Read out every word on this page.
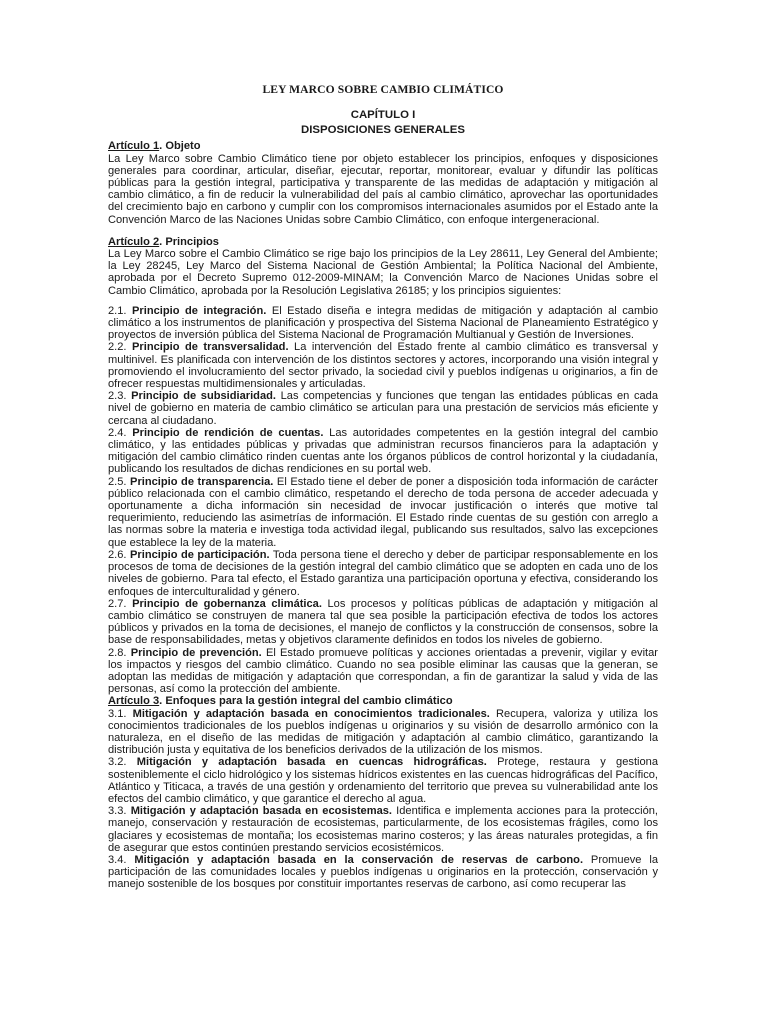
LEY MARCO SOBRE CAMBIO CLIMÁTICO
CAPÍTULO I
DISPOSICIONES GENERALES
Artículo 1. Objeto
La Ley Marco sobre Cambio Climático tiene por objeto establecer los principios, enfoques y disposiciones generales para coordinar, articular, diseñar, ejecutar, reportar, monitorear, evaluar y difundir las políticas públicas para la gestión integral, participativa y transparente de las medidas de adaptación y mitigación al cambio climático, a fin de reducir la vulnerabilidad del país al cambio climático, aprovechar las oportunidades del crecimiento bajo en carbono y cumplir con los compromisos internacionales asumidos por el Estado ante la Convención Marco de las Naciones Unidas sobre Cambio Climático, con enfoque intergeneracional.
Artículo 2. Principios
La Ley Marco sobre el Cambio Climático se rige bajo los principios de la Ley 28611, Ley General del Ambiente; la Ley 28245, Ley Marco del Sistema Nacional de Gestión Ambiental; la Política Nacional del Ambiente, aprobada por el Decreto Supremo 012-2009-MINAM; la Convención Marco de Naciones Unidas sobre el Cambio Climático, aprobada por la Resolución Legislativa 26185; y los principios siguientes:
2.1. Principio de integración. El Estado diseña e integra medidas de mitigación y adaptación al cambio climático a los instrumentos de planificación y prospectiva del Sistema Nacional de Planeamiento Estratégico y proyectos de inversión pública del Sistema Nacional de Programación Multianual y Gestión de Inversiones.
2.2. Principio de transversalidad. La intervención del Estado frente al cambio climático es transversal y multinivel. Es planificada con intervención de los distintos sectores y actores, incorporando una visión integral y promoviendo el involucramiento del sector privado, la sociedad civil y pueblos indígenas u originarios, a fin de ofrecer respuestas multidimensionales y articuladas.
2.3. Principio de subsidiaridad. Las competencias y funciones que tengan las entidades públicas en cada nivel de gobierno en materia de cambio climático se articulan para una prestación de servicios más eficiente y cercana al ciudadano.
2.4. Principio de rendición de cuentas. Las autoridades competentes en la gestión integral del cambio climático, y las entidades públicas y privadas que administran recursos financieros para la adaptación y mitigación del cambio climático rinden cuentas ante los órganos públicos de control horizontal y la ciudadanía, publicando los resultados de dichas rendiciones en su portal web.
2.5. Principio de transparencia. El Estado tiene el deber de poner a disposición toda información de carácter público relacionada con el cambio climático, respetando el derecho de toda persona de acceder adecuada y oportunamente a dicha información sin necesidad de invocar justificación o interés que motive tal requerimiento, reduciendo las asimetrías de información. El Estado rinde cuentas de su gestión con arreglo a las normas sobre la materia e investiga toda actividad ilegal, publicando sus resultados, salvo las excepciones que establece la ley de la materia.
2.6. Principio de participación. Toda persona tiene el derecho y deber de participar responsablemente en los procesos de toma de decisiones de la gestión integral del cambio climático que se adopten en cada uno de los niveles de gobierno. Para tal efecto, el Estado garantiza una participación oportuna y efectiva, considerando los enfoques de interculturalidad y género.
2.7. Principio de gobernanza climática. Los procesos y políticas públicas de adaptación y mitigación al cambio climático se construyen de manera tal que sea posible la participación efectiva de todos los actores públicos y privados en la toma de decisiones, el manejo de conflictos y la construcción de consensos, sobre la base de responsabilidades, metas y objetivos claramente definidos en todos los niveles de gobierno.
2.8. Principio de prevención. El Estado promueve políticas y acciones orientadas a prevenir, vigilar y evitar los impactos y riesgos del cambio climático. Cuando no sea posible eliminar las causas que la generan, se adoptan las medidas de mitigación y adaptación que correspondan, a fin de garantizar la salud y vida de las personas, así como la protección del ambiente.
Artículo 3. Enfoques para la gestión integral del cambio climático
3.1. Mitigación y adaptación basada en conocimientos tradicionales. Recupera, valoriza y utiliza los conocimientos tradicionales de los pueblos indígenas u originarios y su visión de desarrollo armónico con la naturaleza, en el diseño de las medidas de mitigación y adaptación al cambio climático, garantizando la distribución justa y equitativa de los beneficios derivados de la utilización de los mismos.
3.2. Mitigación y adaptación basada en cuencas hidrográficas. Protege, restaura y gestiona sosteniblemente el ciclo hidrológico y los sistemas hídricos existentes en las cuencas hidrográficas del Pacífico, Atlántico y Titicaca, a través de una gestión y ordenamiento del territorio que prevea su vulnerabilidad ante los efectos del cambio climático, y que garantice el derecho al agua.
3.3. Mitigación y adaptación basada en ecosistemas. Identifica e implementa acciones para la protección, manejo, conservación y restauración de ecosistemas, particularmente, de los ecosistemas frágiles, como los glaciares y ecosistemas de montaña; los ecosistemas marino costeros; y las áreas naturales protegidas, a fin de asegurar que estos continúen prestando servicios ecosistémicos.
3.4. Mitigación y adaptación basada en la conservación de reservas de carbono. Promueve la participación de las comunidades locales y pueblos indígenas u originarios en la protección, conservación y manejo sostenible de los bosques por constituir importantes reservas de carbono, así como recuperar las
